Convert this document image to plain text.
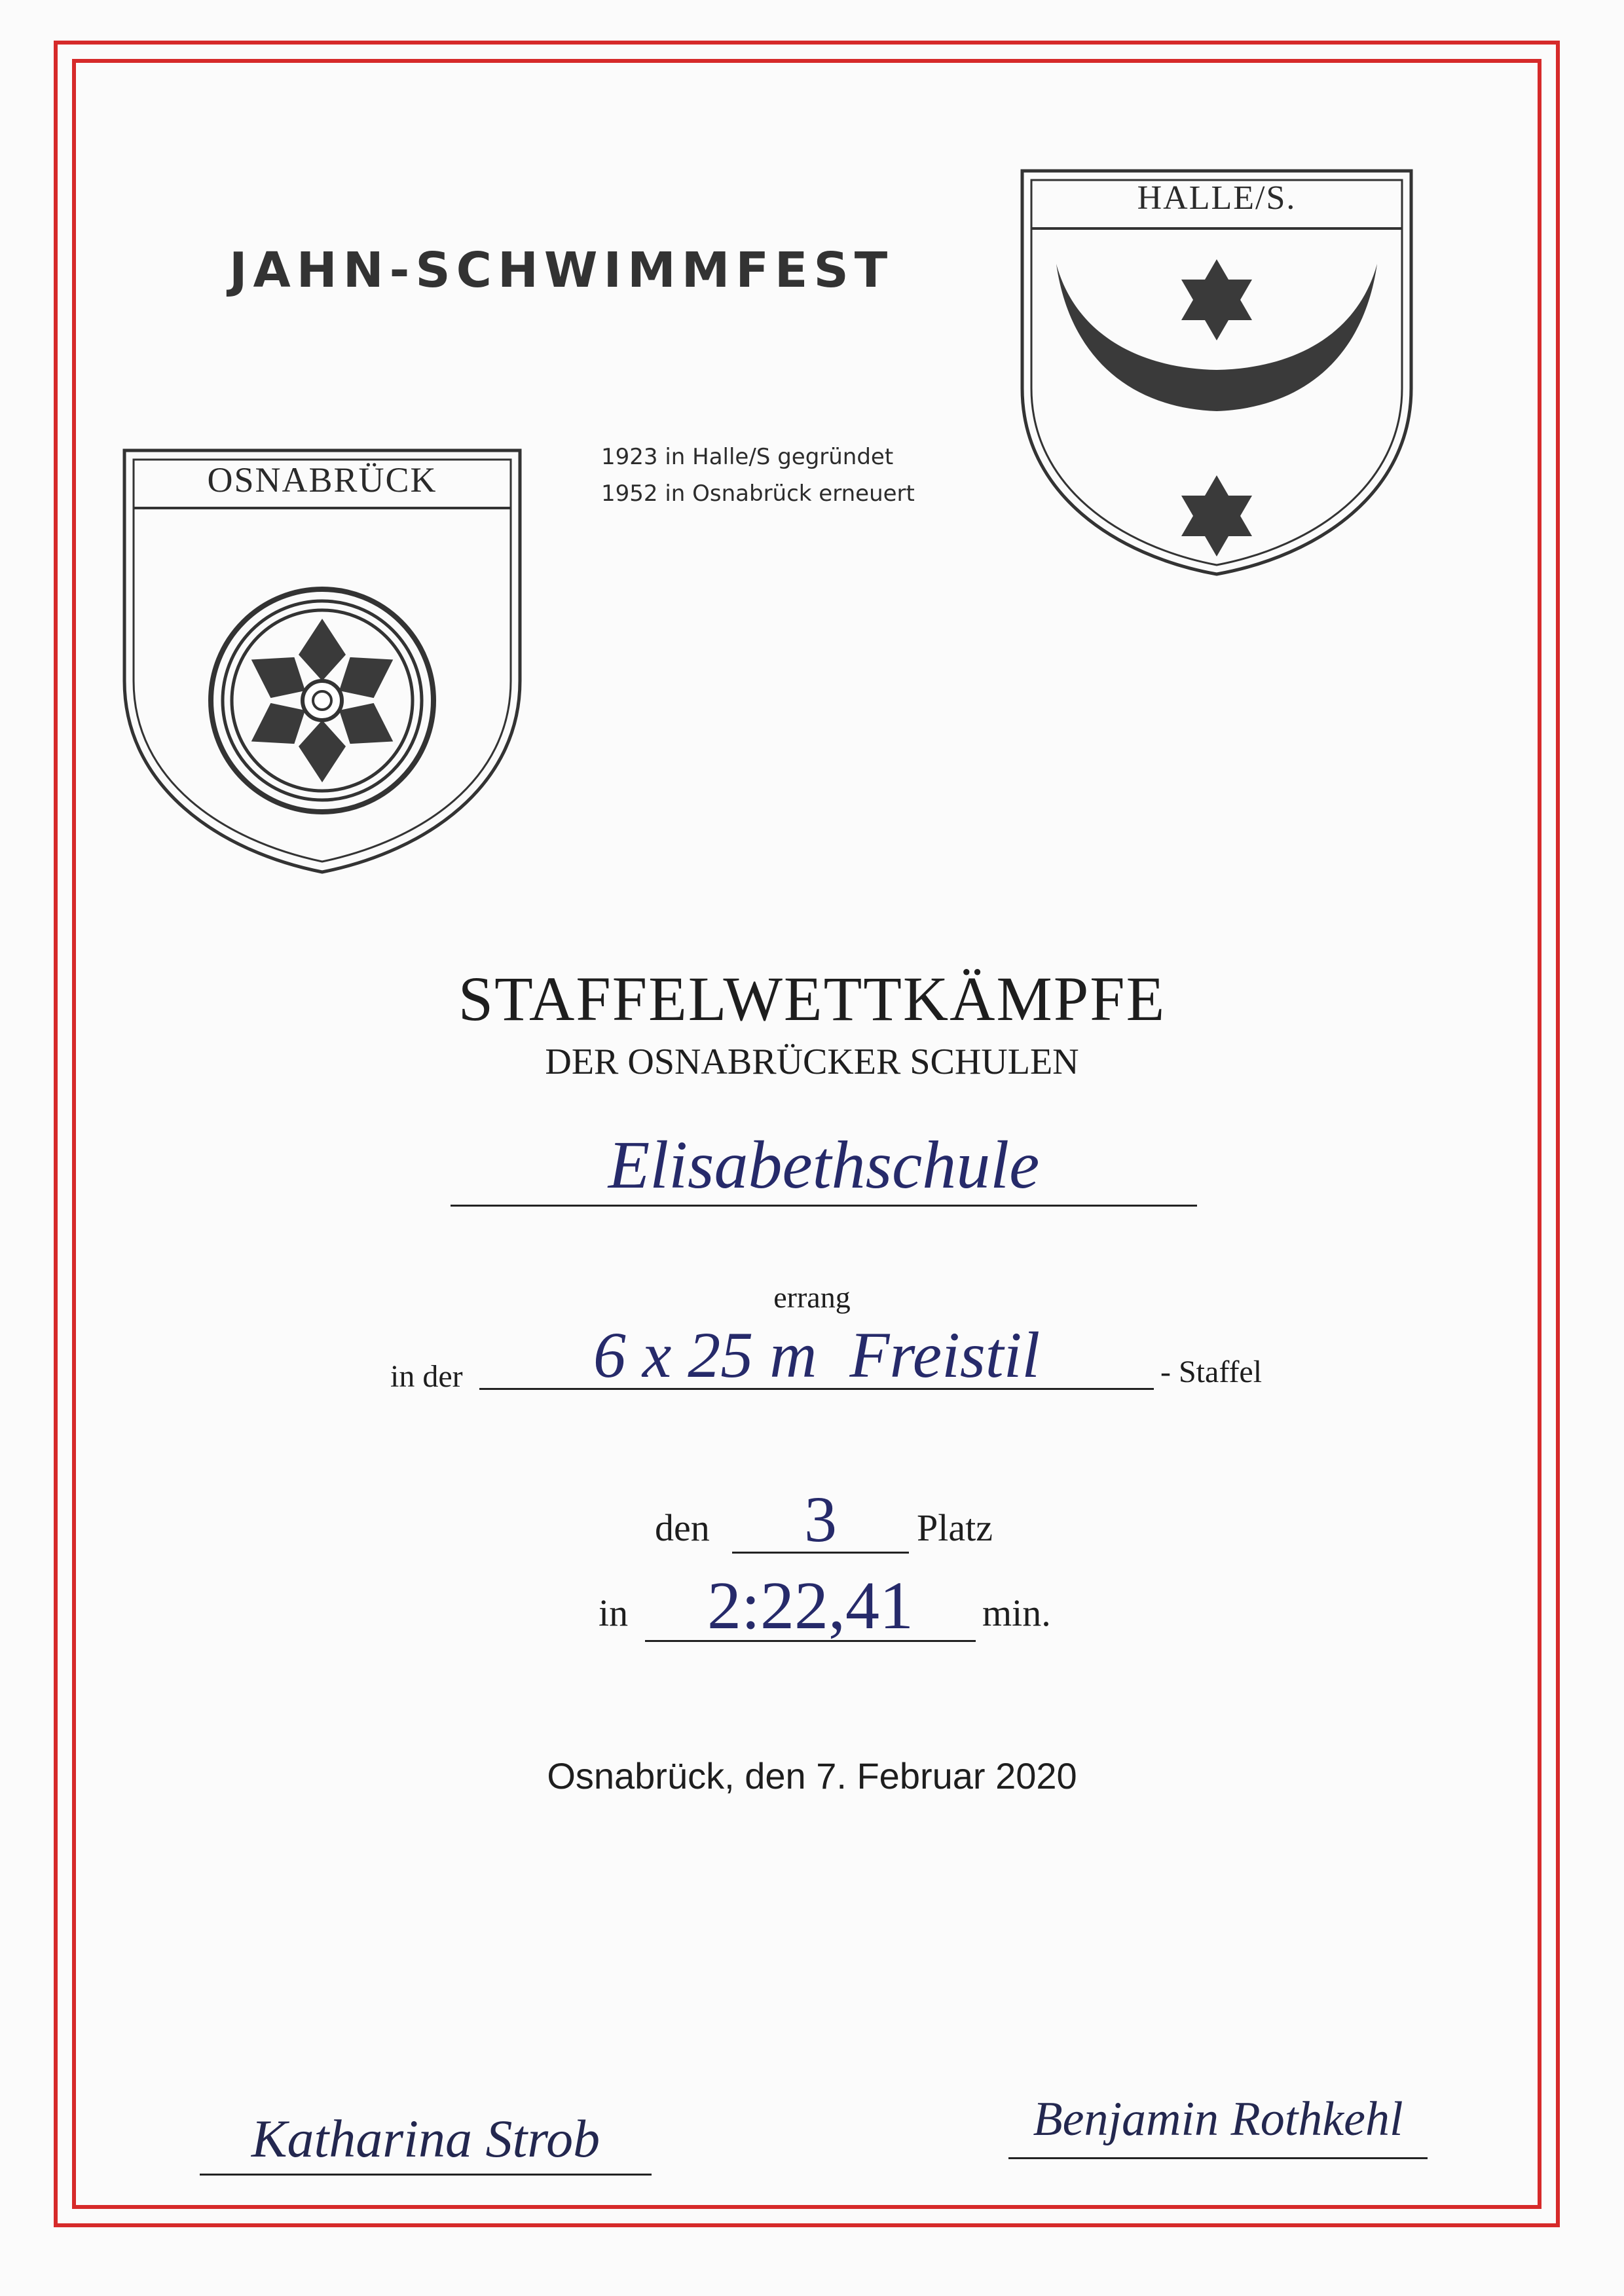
JAHN-SCHWIMMFEST
1923 in Halle/S gegründet
1952 in Osnabrück erneuert
OSNABRÜCK
HALLE/S.
STAFFELWETTKÄMPFE
DER OSNABRÜCKER SCHULEN
Elisabethschule
errang
in der	6 x 25 m  Freistil	- Staffel
den	3	Platz
in	2:22,41	min.
Osnabrück, den 7. Februar 2020
Katharina Strob	Benjamin Rothkehl
